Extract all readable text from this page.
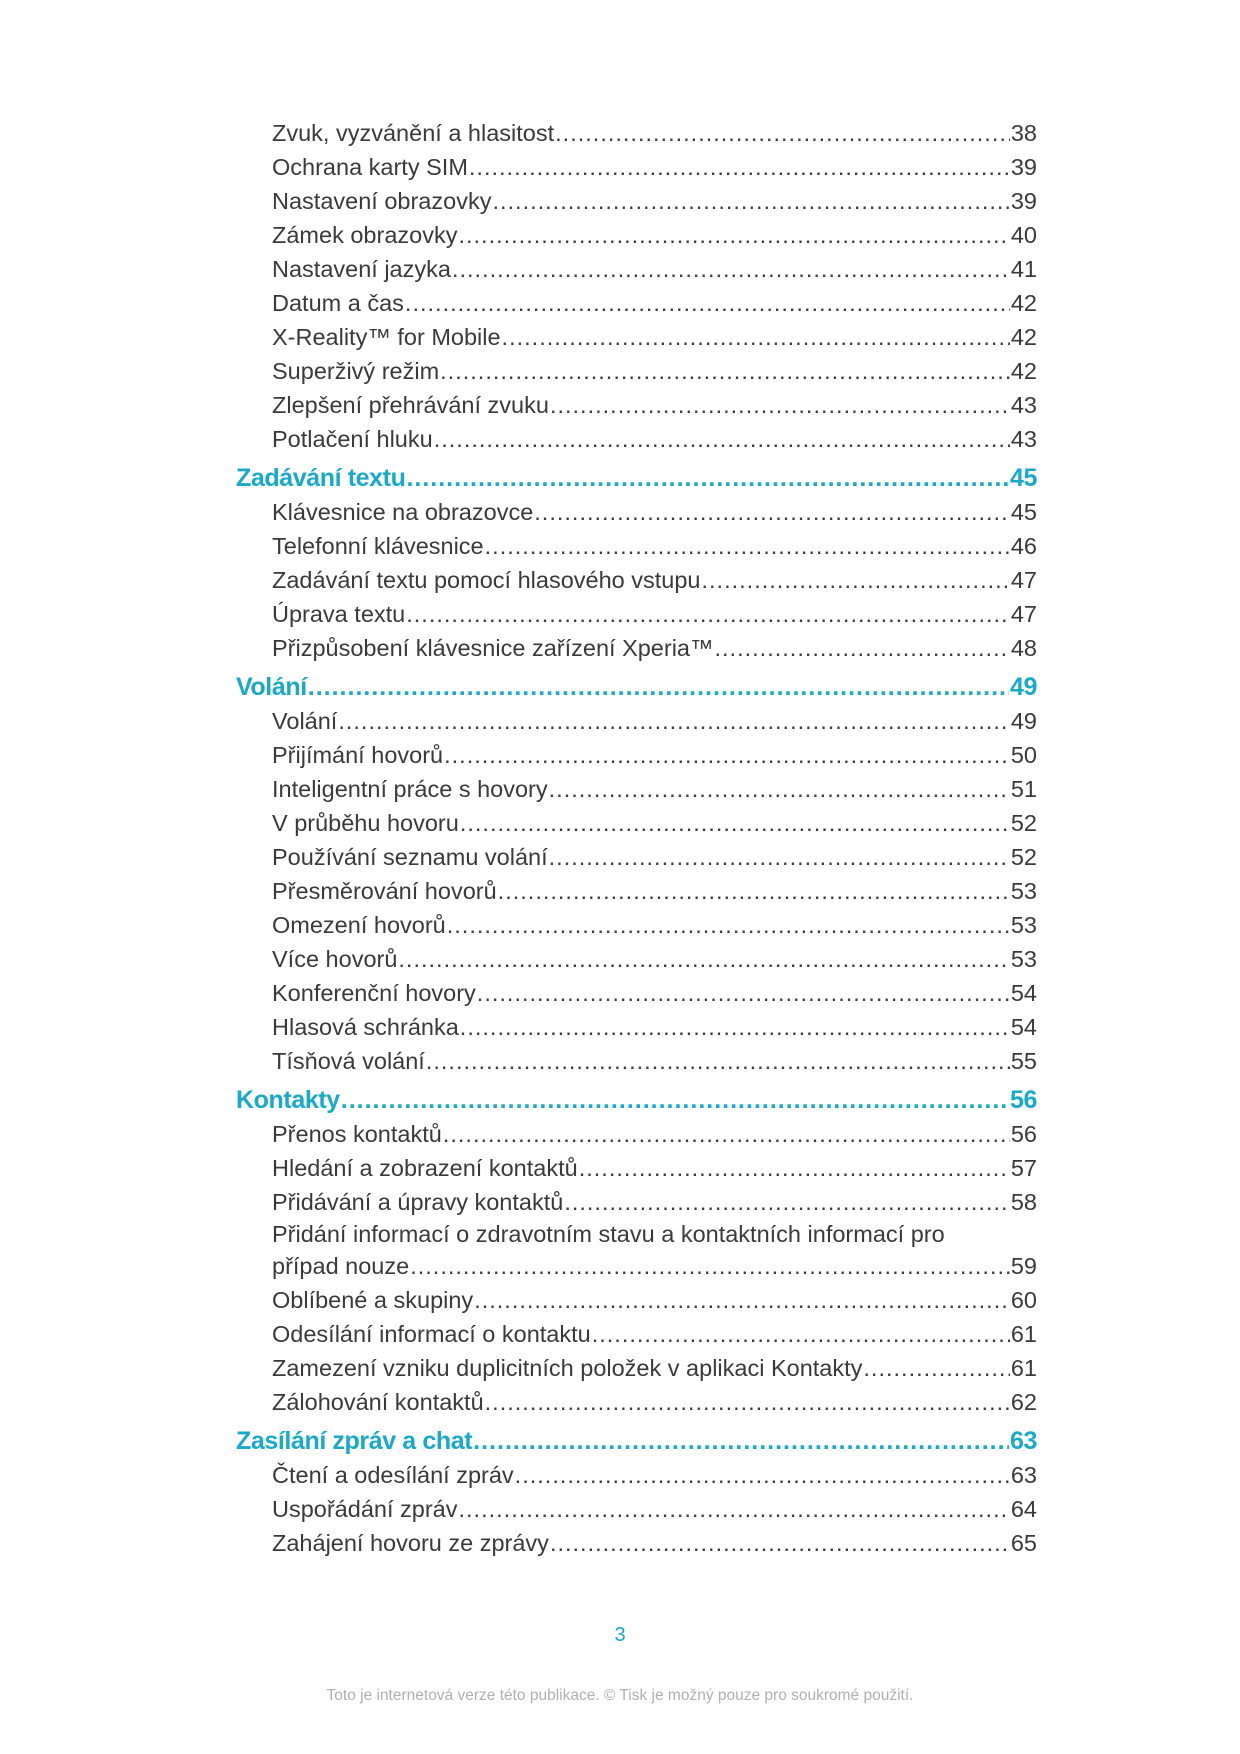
Zvuk, vyzvánění a hlasitost .....	38
Ochrana karty SIM .....	39
Nastavení obrazovky .....	39
Zámek obrazovky .....	40
Nastavení jazyka .....	41
Datum a čas .....	42
X-Reality™ for Mobile .....	42
Superživý režim .....	42
Zlepšení přehrávání zvuku .....	43
Potlačení hluku .....	43
Zadávání textu .....	45
Klávesnice na obrazovce .....	45
Telefonní klávesnice .....	46
Zadávání textu pomocí hlasového vstupu .....	47
Úprava textu .....	47
Přizpůsobení klávesnice zařízení Xperia™ .....	48
Volání .....	49
Volání .....	49
Přijímání hovorů .....	50
Inteligentní práce s hovory .....	51
V průběhu hovoru .....	52
Používání seznamu volání .....	52
Přesměrování hovorů .....	53
Omezení hovorů .....	53
Více hovorů .....	53
Konferenční hovory .....	54
Hlasová schránka .....	54
Tísňová volání .....	55
Kontakty .....	56
Přenos kontaktů .....	56
Hledání a zobrazení kontaktů .....	57
Přidávání a úpravy kontaktů .....	58
Přidání informací o zdravotním stavu a kontaktních informací pro
případ nouze .....	59
Oblíbené a skupiny .....	60
Odesílání informací o kontaktu .....	61
Zamezení vzniku duplicitních položek v aplikaci Kontakty .....	61
Zálohování kontaktů .....	62
Zasílání zpráv a chat .....	63
Čtení a odesílání zpráv .....	63
Uspořádání zpráv .....	64
Zahájení hovoru ze zprávy .....	65
3
Toto je internetová verze této publikace. © Tisk je možný pouze pro soukromé použití.
